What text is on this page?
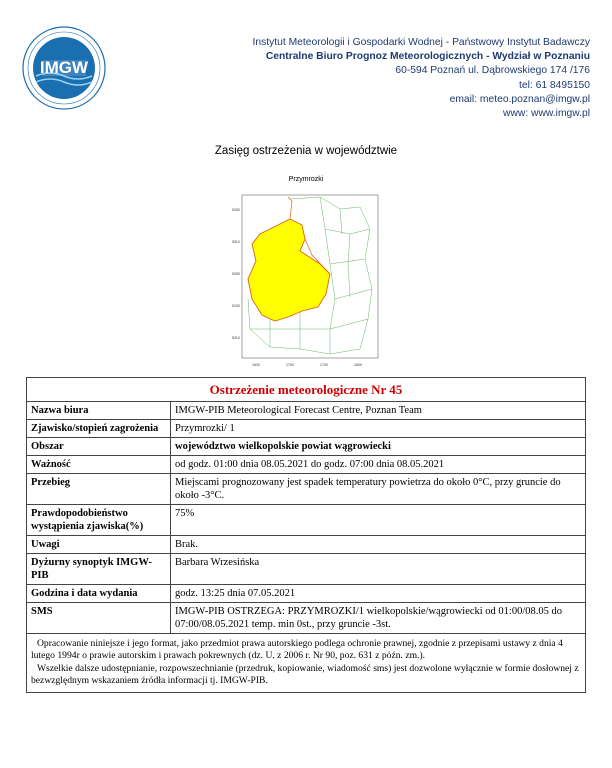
IMGW
Instytut Meteorologii i Gospodarki Wodnej - Państwowy Instytut Badawczy
Centralne Biuro Prognoz Meteorologicznych - Wydział w Poznaniu
60-594 Poznań ul. Dąbrowskiego 174 /176
tel: 61 8495150
email: meteo.poznan@imgw.pl
www: www.imgw.pl
Zasięg ostrzeżenia w województwie
Przymrozki
5330
5310
5250
5230
5210
1630	1700	1730	1800
Ostrzeżenie meteorologiczne Nr 45	
Nazwa biura	IMGW-PIB Meteorological Forecast Centre, Poznan Team
Zjawisko/stopień zagrożenia	Przymrozki/ 1
Obszar	województwo wielkopolskie powiat wągrowiecki
Ważność	od godz. 01:00 dnia 08.05.2021 do godz. 07:00 dnia 08.05.2021
Przebieg	Miejscami prognozowany jest spadek temperatury powietrza do około 0°C, przy gruncie do około -3°C.
Prawdopodobieństwo wystąpienia zjawiska(%)	75%
Uwagi	Brak.
Dyżurny synoptyk IMGW-PIB	Barbara Wrzesińska
Godzina i data wydania	godz. 13:25 dnia 07.05.2021
SMS	IMGW-PIB OSTRZEGA: PRZYMROZKI/1 wielkopolskie/wągrowiecki od 01:00/08.05 do 07:00/08.05.2021 temp. min 0st., przy gruncie -3st.

Opracowanie niniejsze i jego format, jako przedmiot prawa autorskiego podlega ochronie prawnej, zgodnie z przepisami ustawy z dnia 4 lutego 1994r o prawie autorskim i prawach pokrewnych (dz. U. z 2006 r. Nr 90, poz. 631 z późn. zm.).
Wszelkie dalsze udostępnianie, rozpowszechnianie (przedruk, kopiowanie, wiadomość sms) jest dozwolone wyłącznie w formie dosłownej z bezwzględnym wskazaniem źródła informacji tj. IMGW-PIB.	
